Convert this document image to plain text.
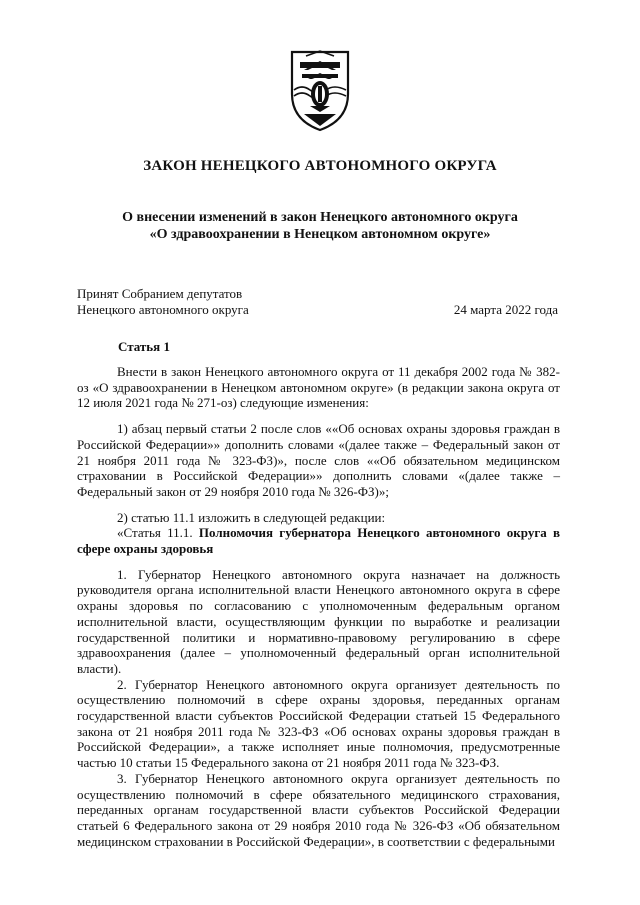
ЗАКОН НЕНЕЦКОГО АВТОНОМНОГО ОКРУГА
О внесении изменений в закон Ненецкого автономного округа
«О здравоохранении в Ненецком автономном округе»
Принят Собранием депутатов
Ненецкого автономного округа	24 марта 2022 года
Статья 1

Внести в закон Ненецкого автономного округа от 11 декабря 2002 года № 382-оз «О здравоохранении в Ненецком автономном округе» (в редакции закона округа от 12 июля 2021 года № 271-оз) следующие изменения:

1) абзац первый статьи 2 после слов ««Об основах охраны здоровья граждан в Российской Федерации»» дополнить словами «(далее также – Федеральный закон от 21 ноября 2011 года № 323-ФЗ)», после слов ««Об обязательном медицинском страховании в Российской Федерации»» дополнить словами «(далее также – Федеральный закон от 29 ноября 2010 года № 326-ФЗ)»;

2) статью 11.1 изложить в следующей редакции:

«Статья 11.1. Полномочия губернатора Ненецкого автономного округа в сфере охраны здоровья

1. Губернатор Ненецкого автономного округа назначает на должность руководителя органа исполнительной власти Ненецкого автономного округа в сфере охраны здоровья по согласованию с уполномоченным федеральным органом исполнительной власти, осуществляющим функции по выработке и реализации государственной политики и нормативно-правовому регулированию в сфере здравоохранения (далее – уполномоченный федеральный орган исполнительной власти).

2. Губернатор Ненецкого автономного округа организует деятельность по осуществлению полномочий в сфере охраны здоровья, переданных органам государственной власти субъектов Российской Федерации статьей 15 Федерального закона от 21 ноября 2011 года № 323-ФЗ «Об основах охраны здоровья граждан в Российской Федерации», а также исполняет иные полномочия, предусмотренные частью 10 статьи 15 Федерального закона от 21 ноября 2011 года № 323-ФЗ.

3. Губернатор Ненецкого автономного округа организует деятельность по осуществлению полномочий в сфере обязательного медицинского страхования, переданных органам государственной власти субъектов Российской Федерации статьей 6 Федерального закона от 29 ноября 2010 года № 326-ФЗ «Об обязательном медицинском страховании в Российской Федерации», в соответствии с федеральными
